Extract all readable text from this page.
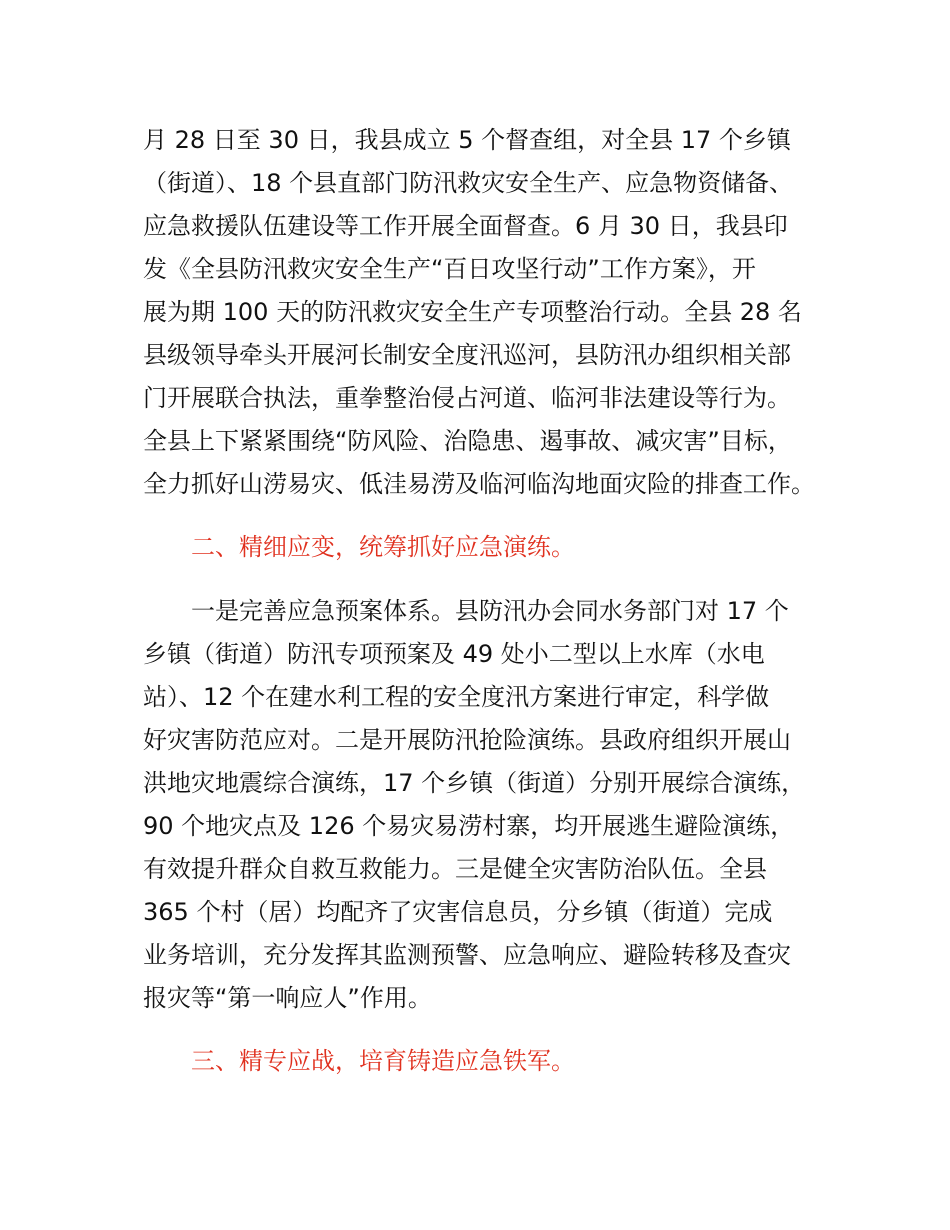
月 28 日至 30 日，我县成立 5 个督查组，对全县 17 个乡镇
（街道）、18 个县直部门防汛救灾安全生产、应急物资储备、
应急救援队伍建设等工作开展全面督查。6 月 30 日，我县印
发《全县防汛救灾安全生产“百日攻坚行动”工作方案》，开
展为期 100 天的防汛救灾安全生产专项整治行动。全县 28 名
县级领导牵头开展河长制安全度汛巡河，县防汛办组织相关部
门开展联合执法，重拳整治侵占河道、临河非法建设等行为。
全县上下紧紧围绕“防风险、治隐患、遏事故、减灾害”目标，
全力抓好山涝易灾、低洼易涝及临河临沟地面灾险的排查工作。
二、精细应变，统筹抓好应急演练。
一是完善应急预案体系。县防汛办会同水务部门对 17 个
乡镇（街道）防汛专项预案及 49 处小二型以上水库（水电
站）、12 个在建水利工程的安全度汛方案进行审定，科学做
好灾害防范应对。二是开展防汛抢险演练。县政府组织开展山
洪地灾地震综合演练，17 个乡镇（街道）分别开展综合演练，
90 个地灾点及 126 个易灾易涝村寨，均开展逃生避险演练，
有效提升群众自救互救能力。三是健全灾害防治队伍。全县
365 个村（居）均配齐了灾害信息员，分乡镇（街道）完成
业务培训，充分发挥其监测预警、应急响应、避险转移及查灾
报灾等“第一响应人”作用。
三、精专应战，培育铸造应急铁军。
